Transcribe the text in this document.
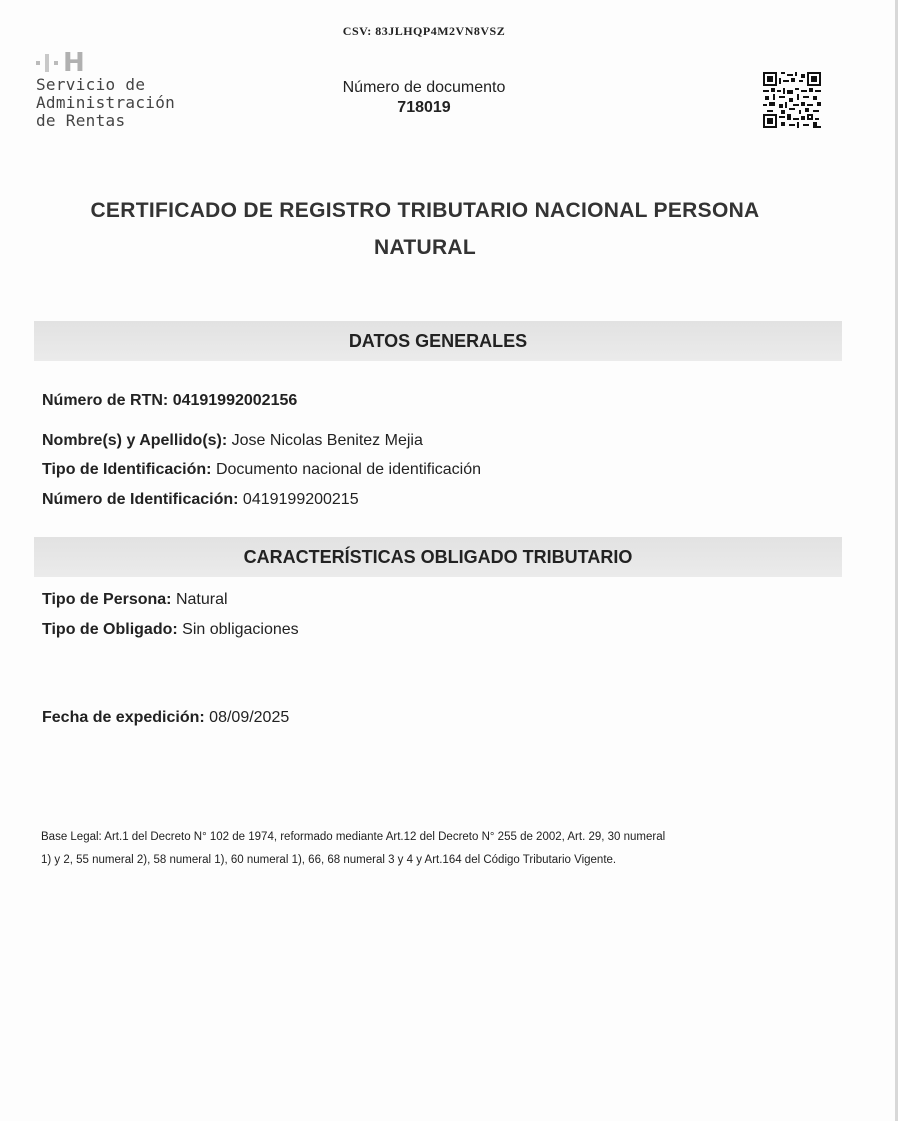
CSV: 83JLHQP4M2VN8VSZ
H
Servicio de
Administración
de Rentas
Número de documento
718019
CERTIFICADO DE REGISTRO TRIBUTARIO NACIONAL PERSONA NATURAL
DATOS GENERALES
Número de RTN: 04191992002156
Nombre(s) y Apellido(s): Jose Nicolas Benitez Mejia
Tipo de Identificación: Documento nacional de identificación
Número de Identificación: 0419199200215
CARACTERÍSTICAS OBLIGADO TRIBUTARIO
Tipo de Persona: Natural
Tipo de Obligado: Sin obligaciones
Fecha de expedición: 08/09/2025
Base Legal: Art.1 del Decreto N° 102 de 1974, reformado mediante Art.12 del Decreto N° 255 de 2002, Art. 29, 30 numeral
1) y 2, 55 numeral 2), 58 numeral 1), 60 numeral 1), 66, 68 numeral 3 y 4 y Art.164 del Código Tributario Vigente.
